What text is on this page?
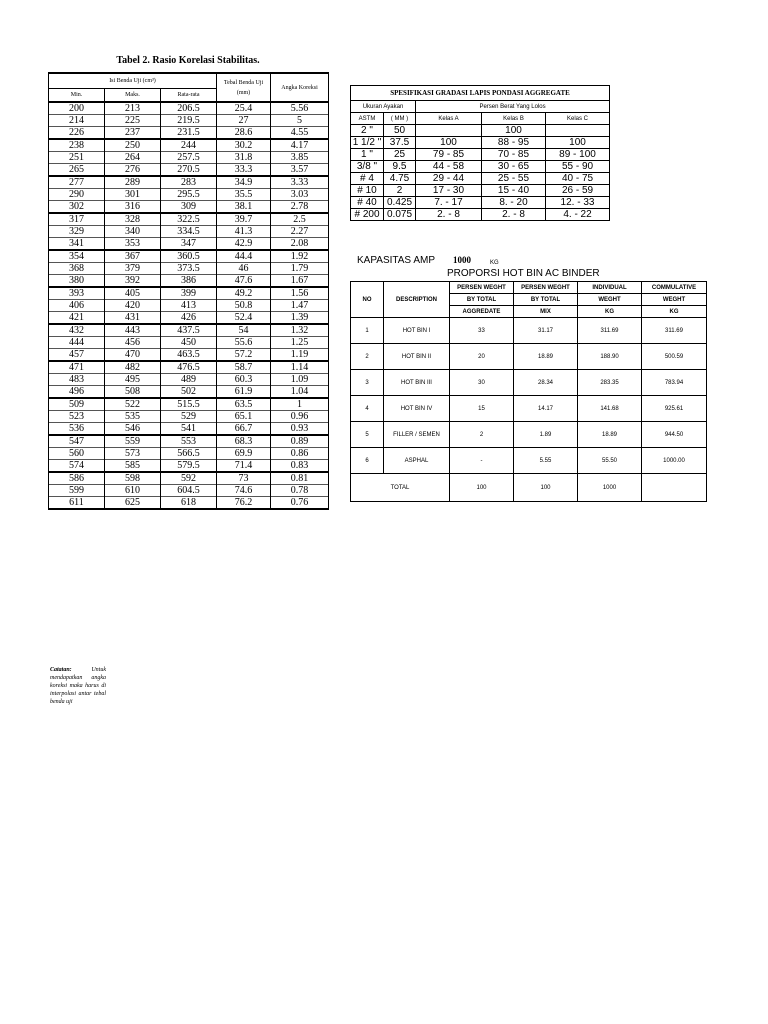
Tabel 2. Rasio Korelasi Stabilitas.
Isi Benda Uji (cm³)			Tebal Benda Uji (mm)	Angka Koreksi
Min.	Maks.	Rata-rata		
200	213	206.5	25.4	5.56
214	225	219.5	27	5
226	237	231.5	28.6	4.55
238	250	244	30.2	4.17
251	264	257.5	31.8	3.85
265	276	270.5	33.3	3.57
277	289	283	34.9	3.33
290	301	295.5	35.5	3.03
302	316	309	38.1	2.78
317	328	322.5	39.7	2.5
329	340	334.5	41.3	2.27
341	353	347	42.9	2.08
354	367	360.5	44.4	1.92
368	379	373.5	46	1.79
380	392	386	47.6	1.67
393	405	399	49.2	1.56
406	420	413	50.8	1.47
421	431	426	52.4	1.39
432	443	437.5	54	1.32
444	456	450	55.6	1.25
457	470	463.5	57.2	1.19
471	482	476.5	58.7	1.14
483	495	489	60.3	1.09
496	508	502	61.9	1.04
509	522	515.5	63.5	1
523	535	529	65.1	0.96
536	546	541	66.7	0.93
547	559	553	68.3	0.89
560	573	566.5	69.9	0.86
574	585	579.5	71.4	0.83
586	598	592	73	0.81
599	610	604.5	74.6	0.78
611	625	618	76.2	0.76
SPESIFIKASI GRADASI LAPIS PONDASI AGGREGATE				
Ukuran Ayakan		Persen Berat Yang Lolos		
ASTM	( MM )	Kelas A	Kelas B	Kelas C
2 "	50		100	
1 1/2 "	37.5	100	88 - 95	100
1 "	25	79 - 85	70 - 85	89 - 100
3/8 "	9.5	44 - 58	30 - 65	55 - 90
# 4	4.75	29 - 44	25 - 55	40 - 75
# 10	2	17 - 30	15 - 40	26 - 59
# 40	0.425	7. - 17	8. - 20	12. - 33
# 200	0.075	2. - 8	2. - 8	4. - 22
KAPASITAS AMP 1000	KG
PROPORSI HOT BIN AC BINDER
NO	DESCRIPTION	PERSEN WEGHT	PERSEN WEGHT	INDIVIDUAL	COMMULATIVE
		BY TOTAL	BY TOTAL	WEGHT	WEGHT
		AGGREDATE	MIX	KG	KG
1	HOT BIN I	33	31.17	311.69	311.69
2	HOT BIN II	20	18.89	188.90	500.59
3	HOT BIN III	30	28.34	283.35	783.94
4	HOT BIN IV	15	14.17	141.68	925.61
5	FILLER / SEMEN	2	1.89	18.89	944.50
6	ASPHAL	-	5.55	55.50	1000.00
TOTAL		100	100	1000	
Catatan:	Untuk mendapatkan angka koreksi maka harus di interpolasi antar tebal benda uji
